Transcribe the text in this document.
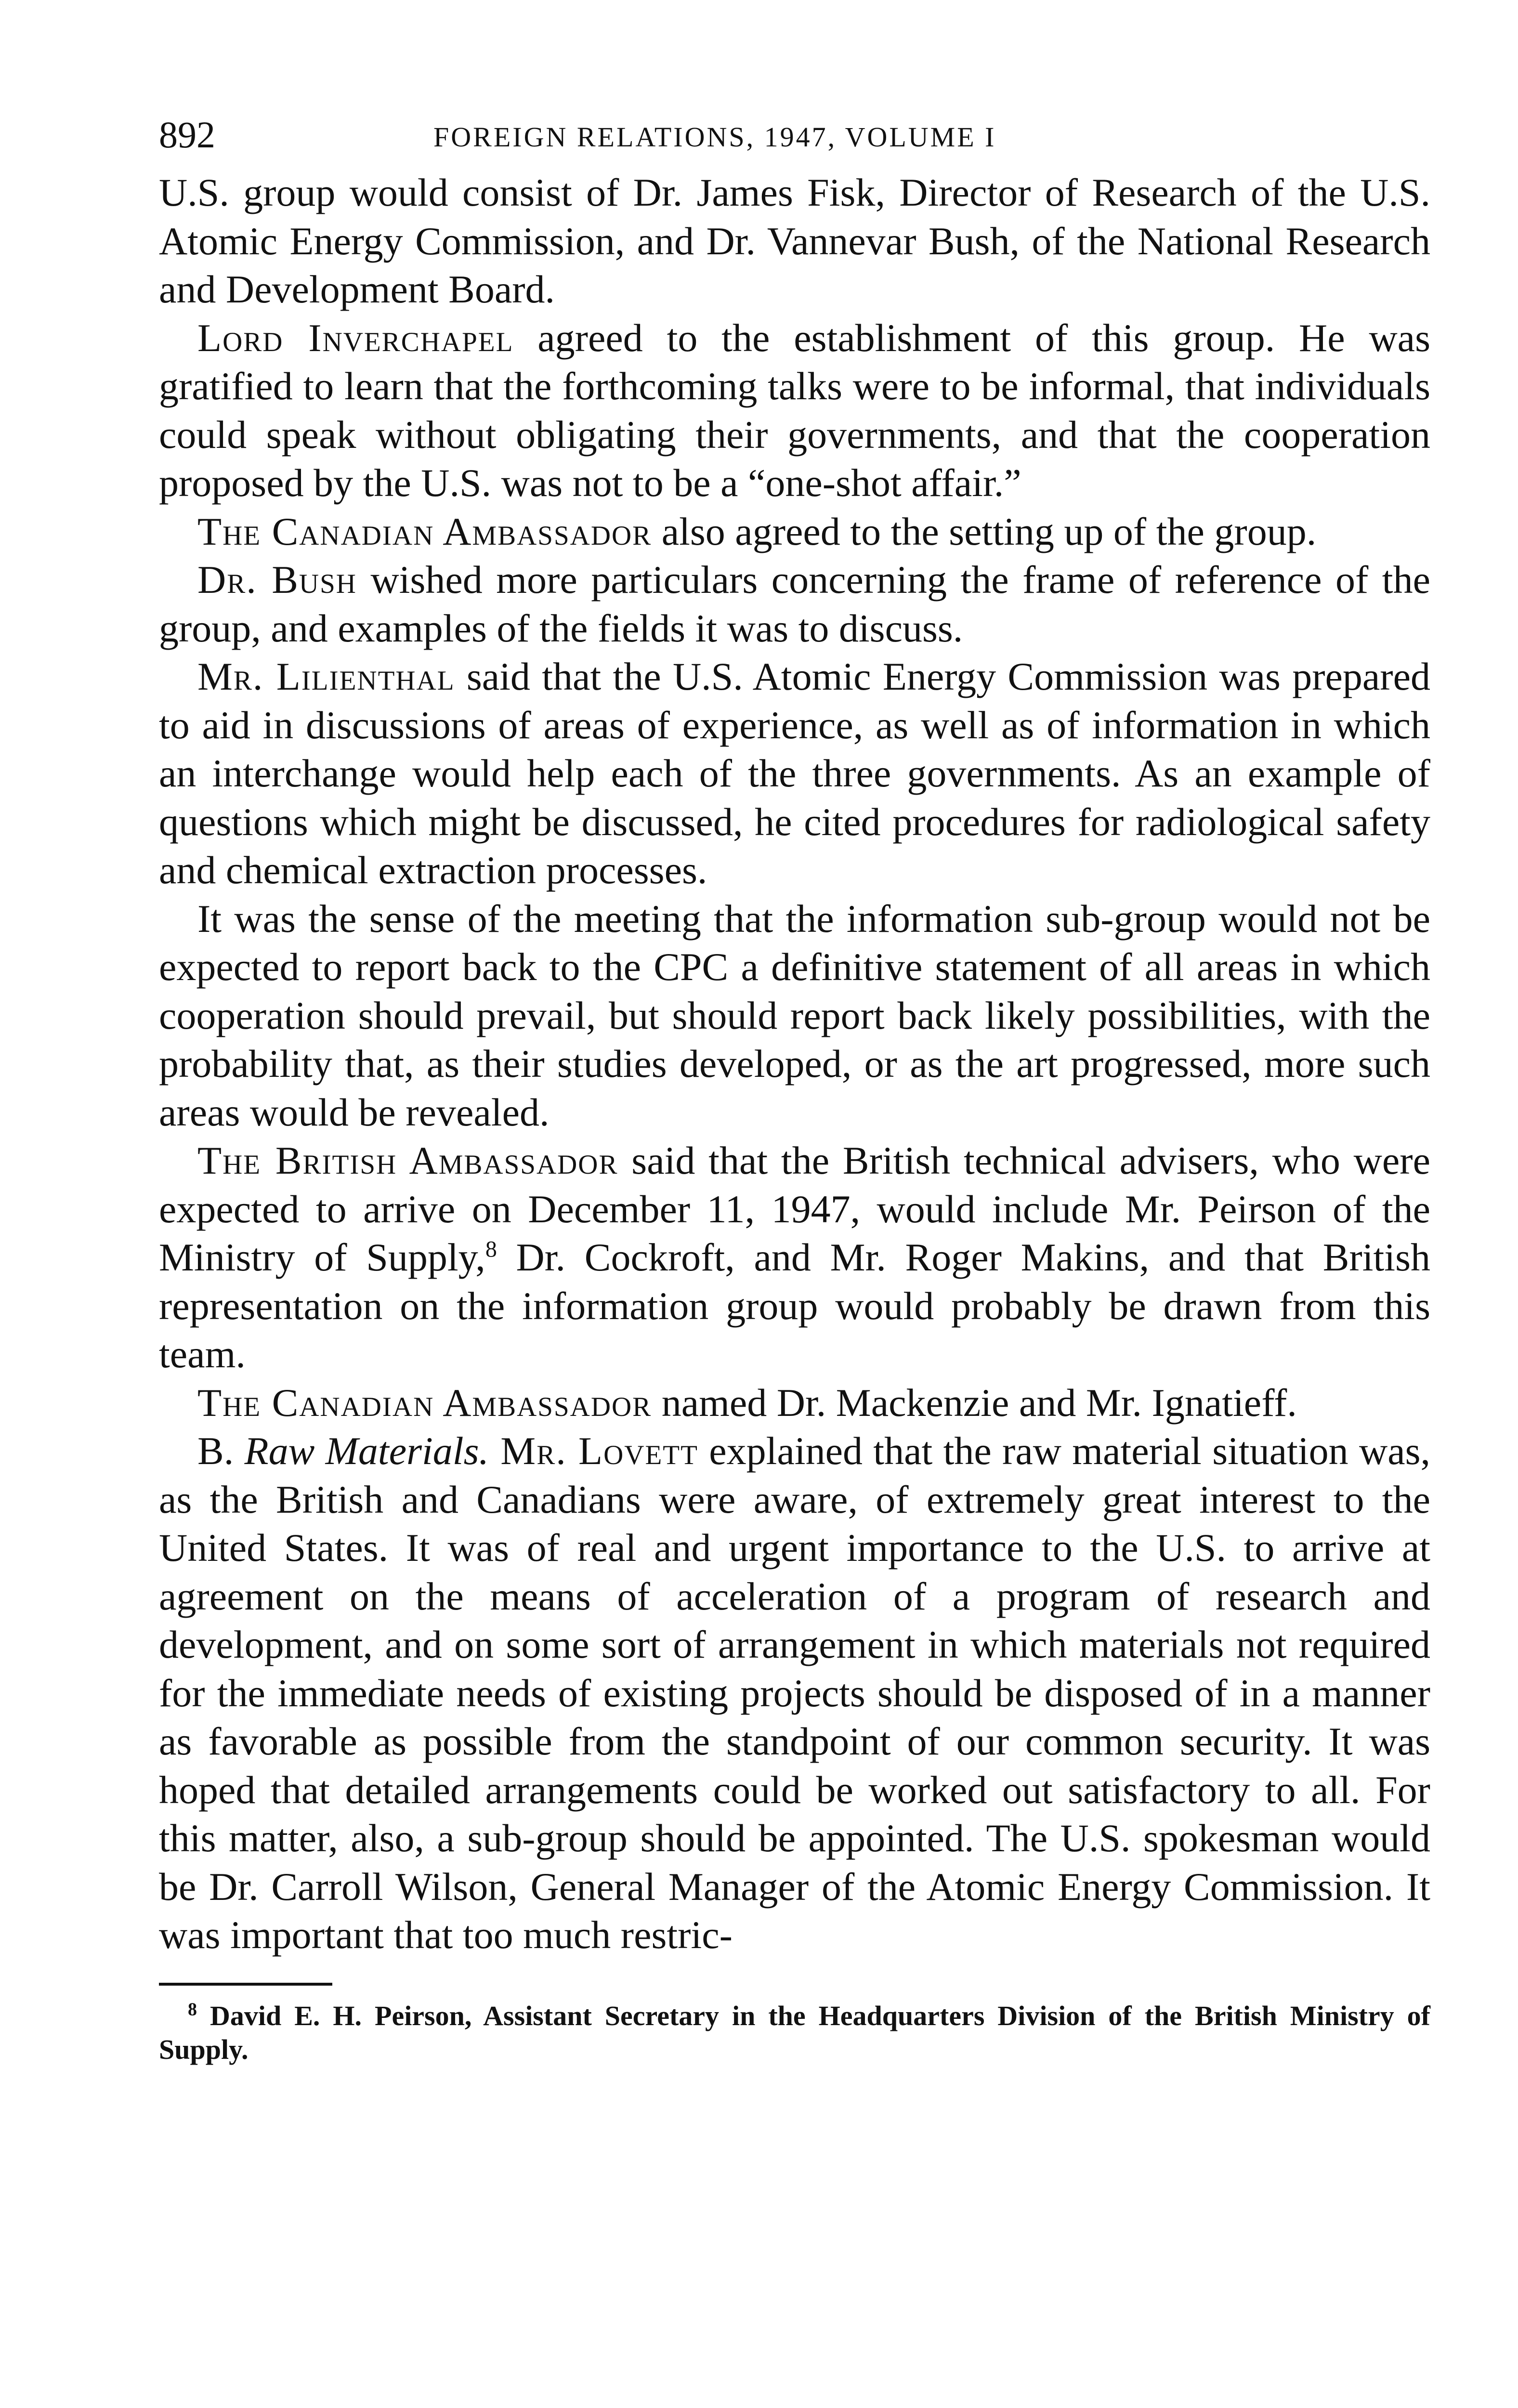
892	FOREIGN RELATIONS, 1947, VOLUME I

U.S. group would consist of Dr. James Fisk, Director of Research of the U.S. Atomic Energy Commission, and Dr. Vannevar Bush, of the National Research and Development Board.

Lord Inverchapel agreed to the establishment of this group. He was gratified to learn that the forthcoming talks were to be informal, that individuals could speak without obligating their governments, and that the cooperation proposed by the U.S. was not to be a “one-shot affair.”

The Canadian Ambassador also agreed to the setting up of the group.

Dr. Bush wished more particulars concerning the frame of reference of the group, and examples of the fields it was to discuss.

Mr. Lilienthal said that the U.S. Atomic Energy Commission was prepared to aid in discussions of areas of experience, as well as of information in which an interchange would help each of the three governments. As an example of questions which might be discussed, he cited procedures for radiological safety and chemical extraction processes.

It was the sense of the meeting that the information sub-group would not be expected to report back to the CPC a definitive statement of all areas in which cooperation should prevail, but should report back likely possibilities, with the probability that, as their studies developed, or as the art progressed, more such areas would be revealed.

The British Ambassador said that the British technical advisers, who were expected to arrive on December 11, 1947, would include Mr. Peirson of the Ministry of Supply,$^8$ Dr. Cockroft, and Mr. Roger Makins, and that British representation on the information group would probably be drawn from this team.

The Canadian Ambassador named Dr. Mackenzie and Mr. Ignatieff.

B. Raw Materials. Mr. Lovett explained that the raw material situation was, as the British and Canadians were aware, of extremely great interest to the United States. It was of real and urgent importance to the U.S. to arrive at agreement on the means of acceleration of a program of research and development, and on some sort of arrangement in which materials not required for the immediate needs of existing projects should be disposed of in a manner as favorable as possible from the standpoint of our common security. It was hoped that detailed arrangements could be worked out satisfactory to all. For this matter, also, a sub-group should be appointed. The U.S. spokesman would be Dr. Carroll Wilson, General Manager of the Atomic Energy Commission. It was important that too much restric-

$^8$ David E. H. Peirson, Assistant Secretary in the Headquarters Division of the British Ministry of Supply.
